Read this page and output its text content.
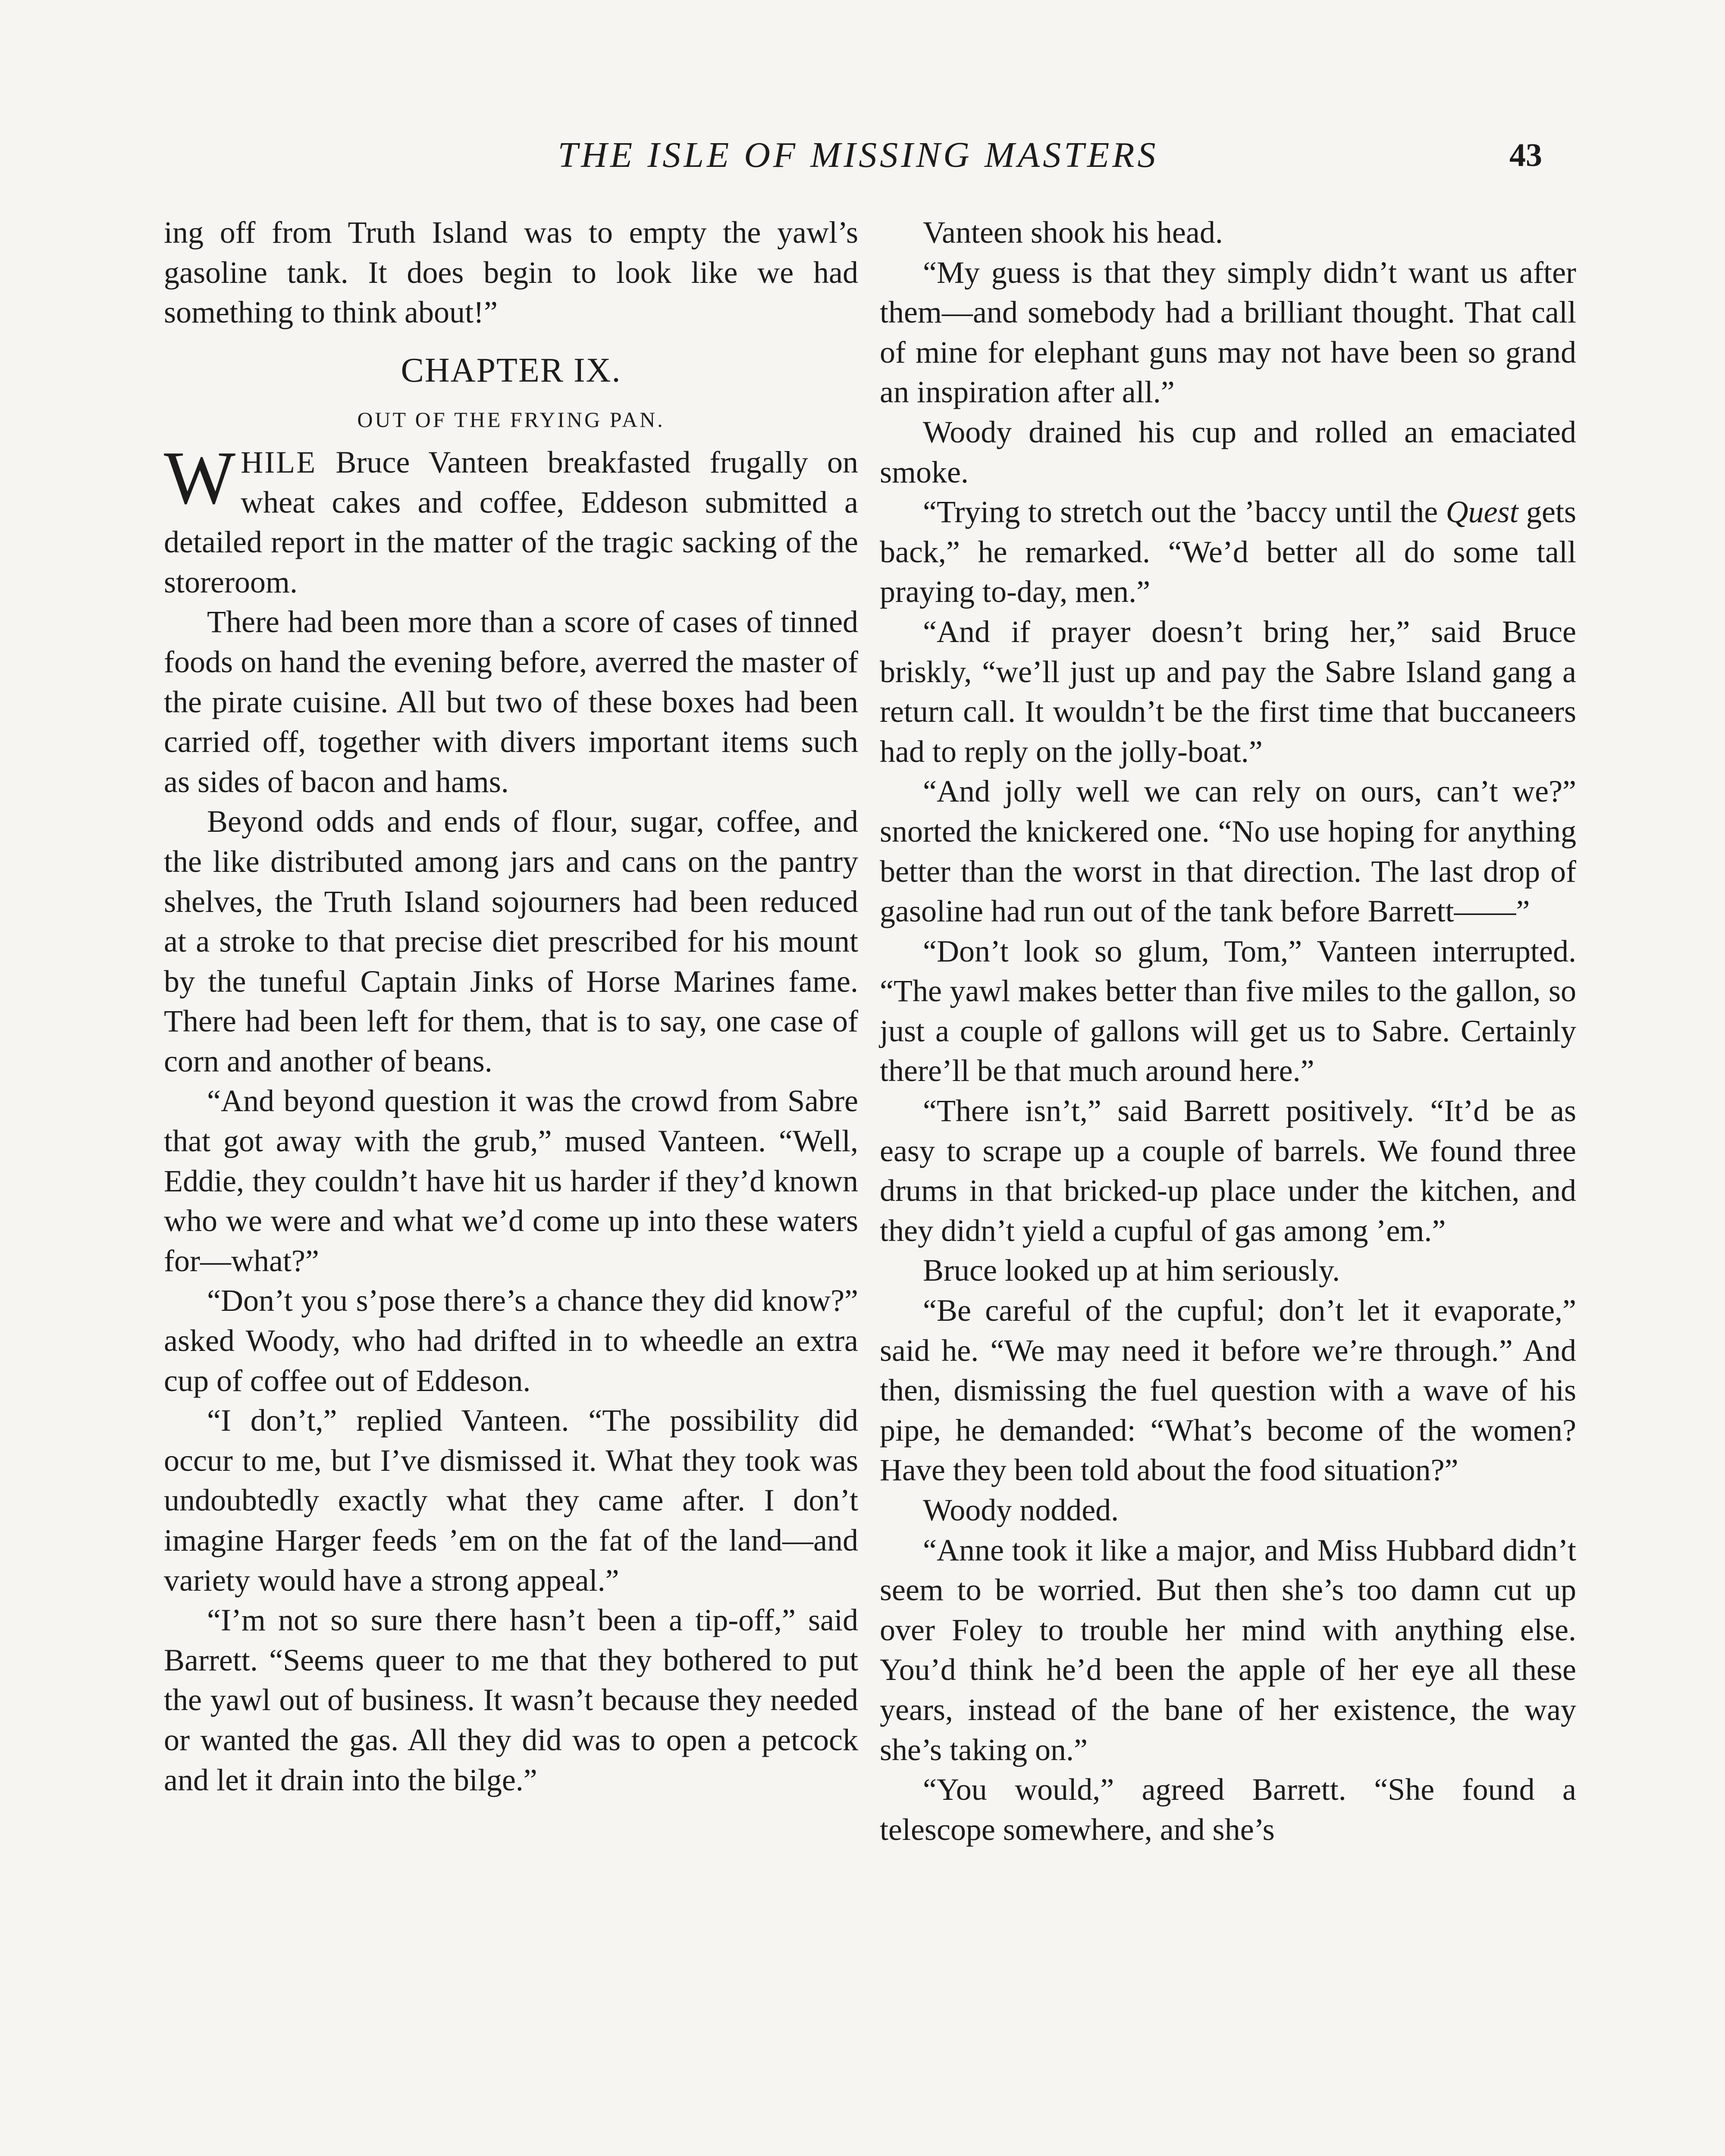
THE ISLE OF MISSING MASTERS	43

ing off from Truth Island was to empty the yawl’s gasoline tank. It does begin to look like we had something to think about!”

CHAPTER IX.
OUT OF THE FRYING PAN.

WHILE Bruce Vanteen breakfasted frugally on wheat cakes and coffee, Eddeson submitted a detailed report in the matter of the tragic sacking of the storeroom.

There had been more than a score of cases of tinned foods on hand the evening before, averred the master of the pirate cuisine. All but two of these boxes had been carried off, together with divers important items such as sides of bacon and hams.

Beyond odds and ends of flour, sugar, coffee, and the like distributed among jars and cans on the pantry shelves, the Truth Island sojourners had been reduced at a stroke to that precise diet prescribed for his mount by the tuneful Captain Jinks of Horse Marines fame. There had been left for them, that is to say, one case of corn and another of beans.

“And beyond question it was the crowd from Sabre that got away with the grub,” mused Vanteen. “Well, Eddie, they couldn’t have hit us harder if they’d known who we were and what we’d come up into these waters for—what?”

“Don’t you s’pose there’s a chance they did know?” asked Woody, who had drifted in to wheedle an extra cup of coffee out of Eddeson.

“I don’t,” replied Vanteen. “The possibility did occur to me, but I’ve dismissed it. What they took was undoubtedly exactly what they came after. I don’t imagine Harger feeds ’em on the fat of the land—and variety would have a strong appeal.”

“I’m not so sure there hasn’t been a tip-off,” said Barrett. “Seems queer to me that they bothered to put the yawl out of business. It wasn’t because they needed or wanted the gas. All they did was to open a petcock and let it drain into the bilge.”

Vanteen shook his head.

“My guess is that they simply didn’t want us after them—and somebody had a brilliant thought. That call of mine for elephant guns may not have been so grand an inspiration after all.”

Woody drained his cup and rolled an emaciated smoke.

“Trying to stretch out the ’baccy until the Quest gets back,” he remarked. “We’d better all do some tall praying to-day, men.”

“And if prayer doesn’t bring her,” said Bruce briskly, “we’ll just up and pay the Sabre Island gang a return call. It wouldn’t be the first time that buccaneers had to reply on the jolly-boat.”

“And jolly well we can rely on ours, can’t we?” snorted the knickered one. “No use hoping for anything better than the worst in that direction. The last drop of gasoline had run out of the tank before Barrett——”

“Don’t look so glum, Tom,” Vanteen interrupted. “The yawl makes better than five miles to the gallon, so just a couple of gallons will get us to Sabre. Certainly there’ll be that much around here.”

“There isn’t,” said Barrett positively. “It’d be as easy to scrape up a couple of barrels. We found three drums in that bricked-up place under the kitchen, and they didn’t yield a cupful of gas among ’em.”

Bruce looked up at him seriously.

“Be careful of the cupful; don’t let it evaporate,” said he. “We may need it before we’re through.” And then, dismissing the fuel question with a wave of his pipe, he demanded: “What’s become of the women? Have they been told about the food situation?”

Woody nodded.

“Anne took it like a major, and Miss Hubbard didn’t seem to be worried. But then she’s too damn cut up over Foley to trouble her mind with anything else. You’d think he’d been the apple of her eye all these years, instead of the bane of her existence, the way she’s taking on.”

“You would,” agreed Barrett. “She found a telescope somewhere, and she’s
